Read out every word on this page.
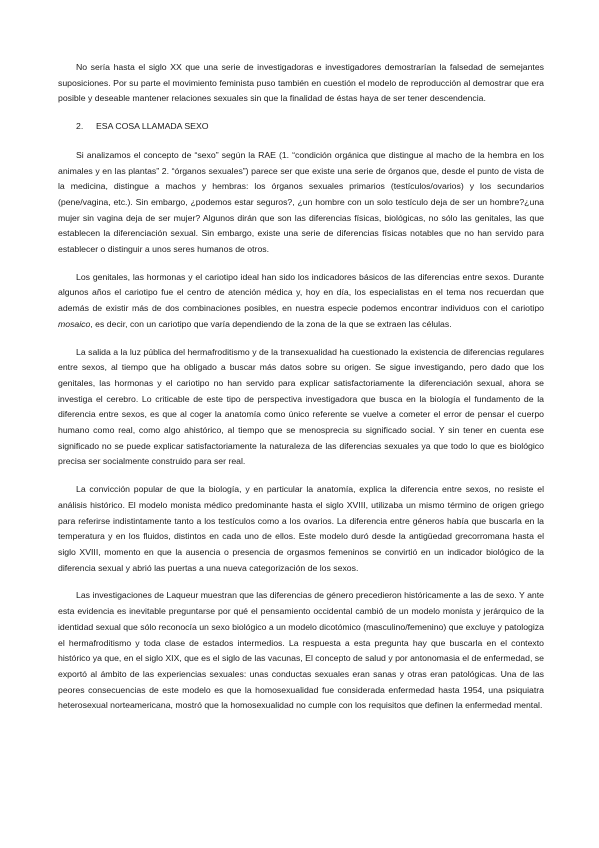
No sería hasta el siglo XX que una serie de investigadoras e investigadores demostrarían la falsedad de semejantes suposiciones. Por su parte el movimiento feminista puso también en cuestión el modelo de reproducción al demostrar que era posible y deseable mantener relaciones sexuales sin que la finalidad de éstas haya de ser tener descendencia.

2. ESA COSA LLAMADA SEXO

Si analizamos el concepto de “sexo” según la RAE (1. “condición orgánica que distingue al macho de la hembra en los animales y en las plantas” 2. “órganos sexuales”) parece ser que existe una serie de órganos que, desde el punto de vista de la medicina, distingue a machos y hembras: los órganos sexuales primarios (testículos/ovarios) y los secundarios (pene/vagina, etc.). Sin embargo, ¿podemos estar seguros?, ¿un hombre con un solo testículo deja de ser un hombre?¿una mujer sin vagina deja de ser mujer? Algunos dirán que son las diferencias físicas, biológicas, no sólo las genitales, las que establecen la diferenciación sexual. Sin embargo, existe una serie de diferencias físicas notables que no han servido para establecer o distinguir a unos seres humanos de otros.

Los genitales, las hormonas y el cariotipo ideal han sido los indicadores básicos de las diferencias entre sexos. Durante algunos años el cariotipo fue el centro de atención médica y, hoy en día, los especialistas en el tema nos recuerdan que además de existir más de dos combinaciones posibles, en nuestra especie podemos encontrar individuos con el cariotipo mosaico, es decir, con un cariotipo que varía dependiendo de la zona de la que se extraen las células.

La salida a la luz pública del hermafroditismo y de la transexualidad ha cuestionado la existencia de diferencias regulares entre sexos, al tiempo que ha obligado a buscar más datos sobre su origen. Se sigue investigando, pero dado que los genitales, las hormonas y el cariotipo no han servido para explicar satisfactoriamente la diferenciación sexual, ahora se investiga el cerebro. Lo criticable de este tipo de perspectiva investigadora que busca en la biología el fundamento de la diferencia entre sexos, es que al coger la anatomía como único referente se vuelve a cometer el error de pensar el cuerpo humano como real, como algo ahistórico, al tiempo que se menosprecia su significado social. Y sin tener en cuenta ese significado no se puede explicar satisfactoriamente la naturaleza de las diferencias sexuales ya que todo lo que es biológico precisa ser socialmente construido para ser real.

La convicción popular de que la biología, y en particular la anatomía, explica la diferencia entre sexos, no resiste el análisis histórico. El modelo monista médico predominante hasta el siglo XVIII, utilizaba un mismo término de origen griego para referirse indistintamente tanto a los testículos como a los ovarios. La diferencia entre géneros había que buscarla en la temperatura y en los fluidos, distintos en cada uno de ellos. Este modelo duró desde la antigüedad grecorromana hasta el siglo XVIII, momento en que la ausencia o presencia de orgasmos femeninos se convirtió en un indicador biológico de la diferencia sexual y abrió las puertas a una nueva categorización de los sexos.

Las investigaciones de Laqueur muestran que las diferencias de género precedieron históricamente a las de sexo. Y ante esta evidencia es inevitable preguntarse por qué el pensamiento occidental cambió de un modelo monista y jerárquico de la identidad sexual que sólo reconocía un sexo biológico a un modelo dicotómico (masculino/femenino) que excluye y patologiza el hermafroditismo y toda clase de estados intermedios. La respuesta a esta pregunta hay que buscarla en el contexto histórico ya que, en el siglo XIX, que es el siglo de las vacunas, El concepto de salud y por antonomasia el de enfermedad, se exportó al ámbito de las experiencias sexuales: unas conductas sexuales eran sanas y otras eran patológicas. Una de las peores consecuencias de este modelo es que la homosexualidad fue considerada enfermedad hasta 1954, una psiquiatra heterosexual norteamericana, mostró que la homosexualidad no cumple con los requisitos que definen la enfermedad mental.
